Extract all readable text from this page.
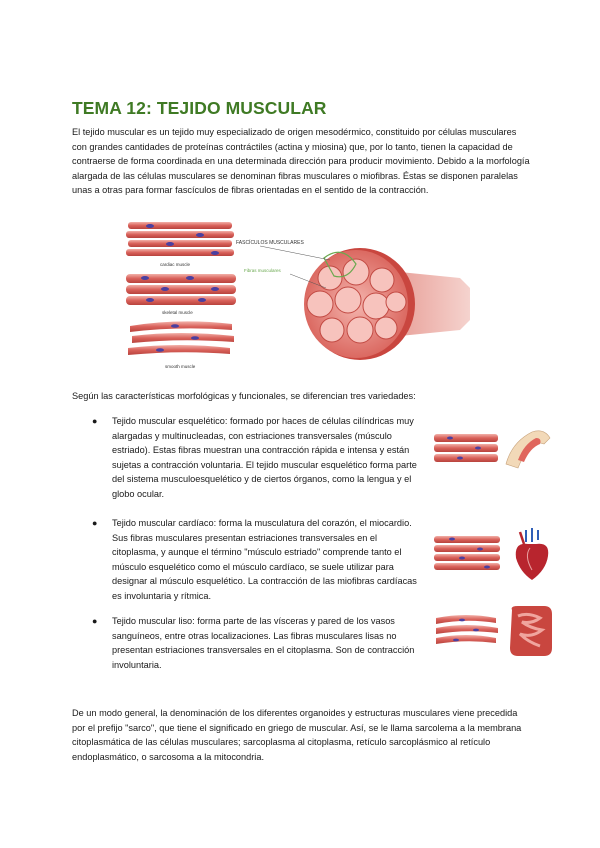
TEMA 12: TEJIDO MUSCULAR

El tejido muscular es un tejido muy especializado de origen mesodérmico, constituido por células musculares con grandes cantidades de proteínas contráctiles (actina y miosina) que, por lo tanto, tienen la capacidad de contraerse de forma coordinada en una determinada dirección para producir movimiento. Debido a la morfología alargada de las células musculares se denominan fibras musculares o miofibras. Éstas se disponen paralelas unas a otras para formar fascículos de fibras orientadas en el sentido de la contracción.

cardiac muscle
skeletal muscle
smooth muscle
FASCÍCULOS MUSCULARES
Fibras musculares

Según las características morfológicas y funcionales, se diferencian tres variedades:

● Tejido muscular esquelético: formado por haces de células cilíndricas muy alargadas y multinucleadas, con estriaciones transversales (músculo estriado). Estas fibras muestran una contracción rápida e intensa y están sujetas a contracción voluntaria. El tejido muscular esquelético forma parte del sistema musculoesquelético y de ciertos órganos, como la lengua y el globo ocular.

● Tejido muscular cardíaco: forma la musculatura del corazón, el miocardio. Sus fibras musculares presentan estriaciones transversales en el citoplasma, y aunque el término "músculo estriado" comprende tanto el músculo esquelético como el músculo cardíaco, se suele utilizar para designar al músculo esquelético. La contracción de las miofibras cardíacas es involuntaria y rítmica.

● Tejido muscular liso: forma parte de las vísceras y pared de los vasos sanguíneos, entre otras localizaciones. Las fibras musculares lisas no presentan estriaciones transversales en el citoplasma. Son de contracción involuntaria.

De un modo general, la denominación de los diferentes organoides y estructuras musculares viene precedida por el prefijo "sarco", que tiene el significado en griego de muscular. Así, se le llama sarcolema a la membrana citoplasmática de las células musculares; sarcoplasma al citoplasma, retículo sarcoplásmico al retículo endoplasmático, o sarcosoma a la mitocondria.
